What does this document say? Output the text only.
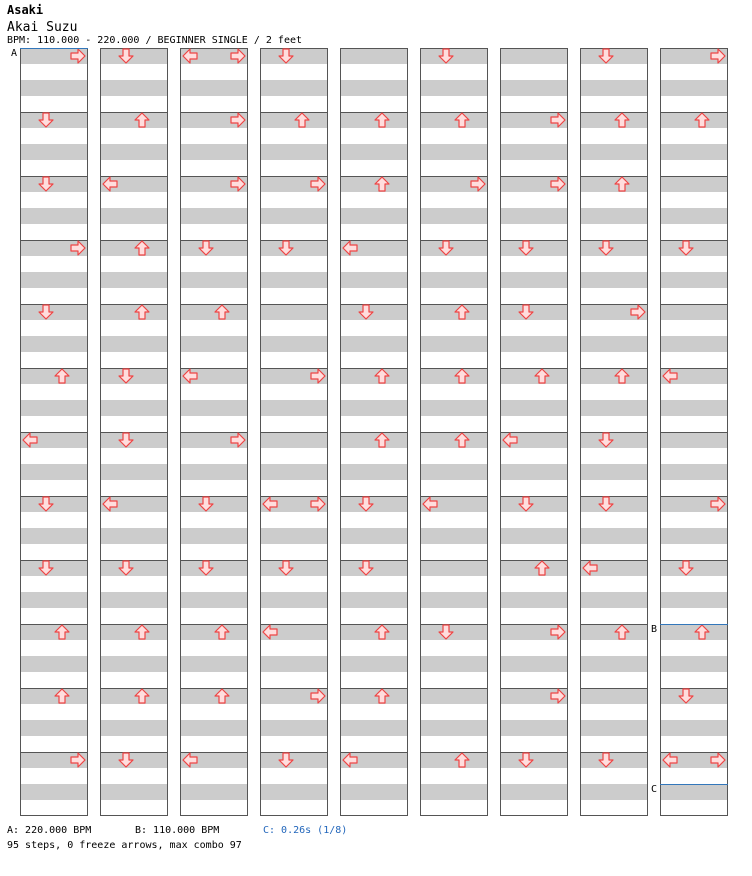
Asaki
Akai Suzu
BPM: 110.000 - 220.000 / BEGINNER SINGLE / 2 feet
A
B
C
A: 220.000 BPM	B: 110.000 BPM	C: 0.26s (1/8)
95 steps, 0 freeze arrows, max combo 97
